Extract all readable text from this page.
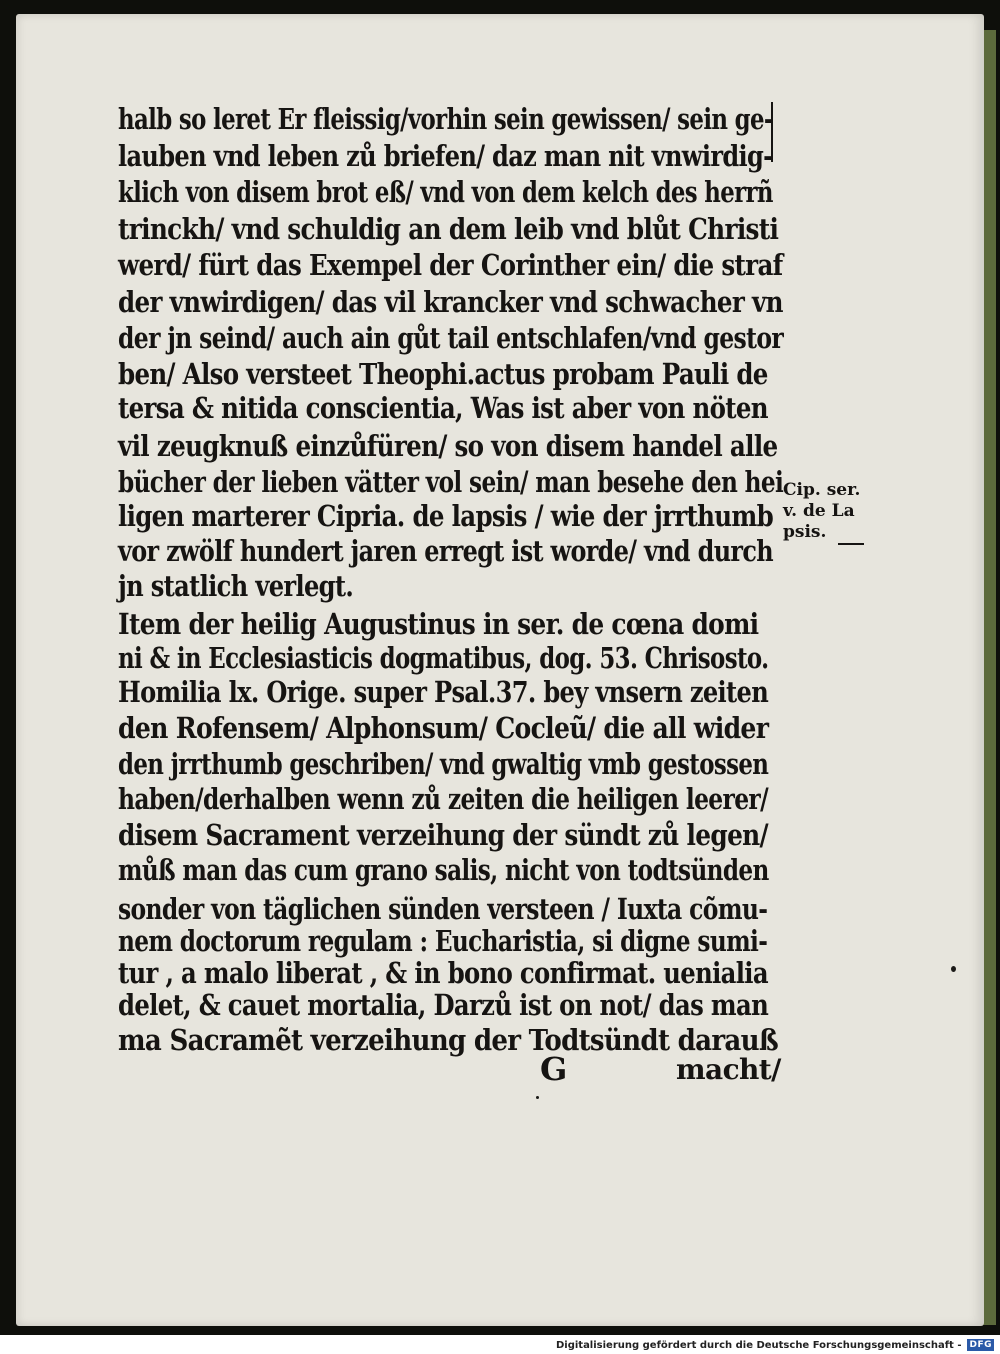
halb so leret Er fleissig/vorhin sein gewissen/ sein ge-

lauben vnd leben zů briefen/ daz man nit vnwirdig-

klich von disem brot eß/ vnd von dem kelch des herrñ

trinckh/ vnd schuldig an dem leib vnd blůt Christi

werd/ fürt das Exempel der Corinther ein/ die straf

der vnwirdigen/ das vil krancker vnd schwacher vn

der jn seind/ auch ain gůt tail entschlafen/vnd gestor

ben/ Also versteet Theophi.actus probam Pauli de

tersa & nitida conscientia, Was ist aber von nöten

vil zeugknuß einzůfüren/ so von disem handel alle

bücher der lieben vätter vol sein/ man besehe den hei

ligen marterer Cipria. de lapsis / wie der jrrthumb

vor zwölf hundert jaren erregt ist worde/ vnd durch

jn statlich verlegt.

Item der heilig Augustinus in ser. de cœna domi

ni & in Ecclesiasticis dogmatibus, dog. 53. Chrisosto.

Homilia lx. Orige. super Psal.37. bey vnsern zeiten

den Rofensem/ Alphonsum/ Cocleũ/ die all wider

den jrrthumb geschriben/ vnd gwaltig vmb gestossen

haben/derhalben wenn zů zeiten die heiligen leerer/

disem Sacrament verzeihung der sündt zů legen/

můß man das cum grano salis, nicht von todtsünden

sonder von täglichen sünden versteen / Iuxta cõmu-

nem doctorum regulam : Eucharistia, si digne sumi-

tur , a malo liberat , & in bono confirmat. uenialia

delet, & cauet mortalia, Darzů ist on not/ das man

ma Sacramẽt verzeihung der Todtsündt darauß

Cip. ser.
v. de La
psis.
G	macht/
Digitalisierung gefördert durch die Deutsche Forschungsgemeinschaft - DFG
